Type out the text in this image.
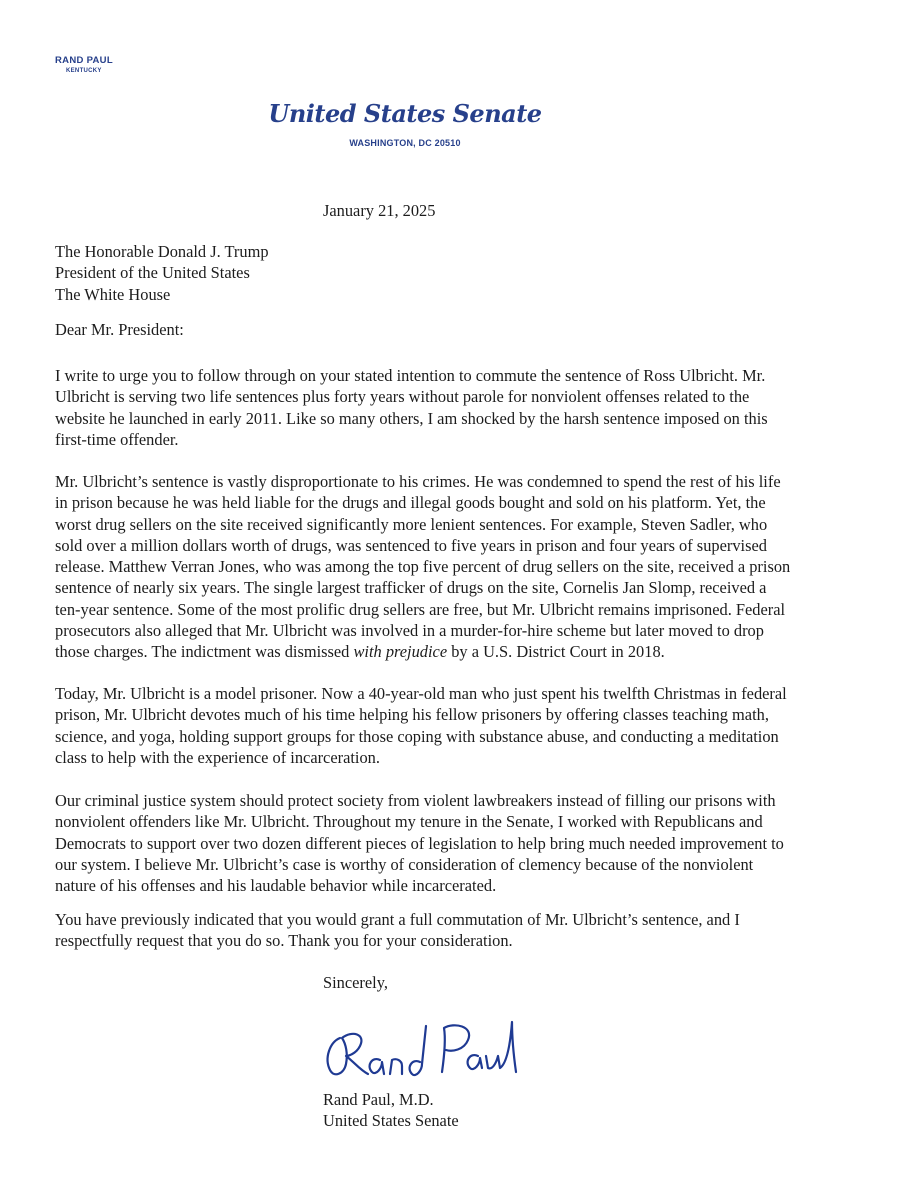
RAND PAUL
KENTUCKY
United States Senate
WASHINGTON, DC 20510
January 21, 2025
The Honorable Donald J. Trump
President of the United States
The White House
Dear Mr. President:
I write to urge you to follow through on your stated intention to commute the sentence of Ross Ulbricht. Mr.
Ulbricht is serving two life sentences plus forty years without parole for nonviolent offenses related to the
website he launched in early 2011. Like so many others, I am shocked by the harsh sentence imposed on this
first-time offender.
Mr. Ulbricht’s sentence is vastly disproportionate to his crimes. He was condemned to spend the rest of his life
in prison because he was held liable for the drugs and illegal goods bought and sold on his platform. Yet, the
worst drug sellers on the site received significantly more lenient sentences. For example, Steven Sadler, who
sold over a million dollars worth of drugs, was sentenced to five years in prison and four years of supervised
release. Matthew Verran Jones, who was among the top five percent of drug sellers on the site, received a prison
sentence of nearly six years. The single largest trafficker of drugs on the site, Cornelis Jan Slomp, received a
ten-year sentence. Some of the most prolific drug sellers are free, but Mr. Ulbricht remains imprisoned. Federal
prosecutors also alleged that Mr. Ulbricht was involved in a murder-for-hire scheme but later moved to drop
those charges. The indictment was dismissed with prejudice by a U.S. District Court in 2018.
Today, Mr. Ulbricht is a model prisoner. Now a 40-year-old man who just spent his twelfth Christmas in federal
prison, Mr. Ulbricht devotes much of his time helping his fellow prisoners by offering classes teaching math,
science, and yoga, holding support groups for those coping with substance abuse, and conducting a meditation
class to help with the experience of incarceration.
Our criminal justice system should protect society from violent lawbreakers instead of filling our prisons with
nonviolent offenders like Mr. Ulbricht. Throughout my tenure in the Senate, I worked with Republicans and
Democrats to support over two dozen different pieces of legislation to help bring much needed improvement to
our system. I believe Mr. Ulbricht’s case is worthy of consideration of clemency because of the nonviolent
nature of his offenses and his laudable behavior while incarcerated.
You have previously indicated that you would grant a full commutation of Mr. Ulbricht’s sentence, and I
respectfully request that you do so. Thank you for your consideration.
Sincerely,
Rand Paul, M.D.
United States Senate
